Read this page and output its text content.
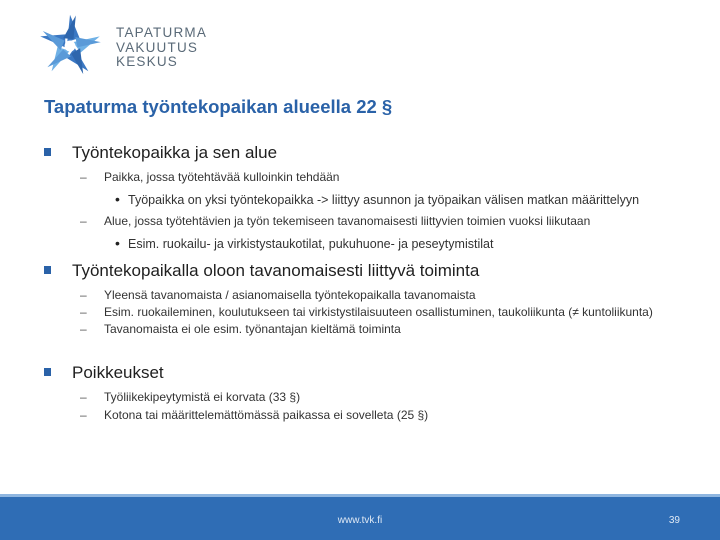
TAPATURMA
VAKUUTUS
KESKUS
Tapaturma työntekopaikan alueella 22 §
Työntekopaikka ja sen alue
– Paikka, jossa työtehtävää kulloinkin tehdään
• Työpaikka on yksi työntekopaikka -> liittyy asunnon ja työpaikan välisen matkan määrittelyyn
– Alue, jossa työtehtävien ja työn tekemiseen tavanomaisesti liittyvien toimien vuoksi liikutaan
• Esim. ruokailu- ja virkistystaukotilat, pukuhuone- ja peseytymistilat
Työntekopaikalla oloon tavanomaisesti liittyvä toiminta
– Yleensä tavanomaista / asianomaisella työntekopaikalla tavanomaista
– Esim. ruokaileminen, koulutukseen tai virkistystilaisuuteen osallistuminen, taukoliikunta (≠ kuntoliikunta)
– Tavanomaista ei ole esim. työnantajan kieltämä toiminta
Poikkeukset
– Työliikekipeytymistä ei korvata (33 §)
– Kotona tai määrittelemättömässä paikassa ei sovelleta (25 §)
www.tvk.fi	39
